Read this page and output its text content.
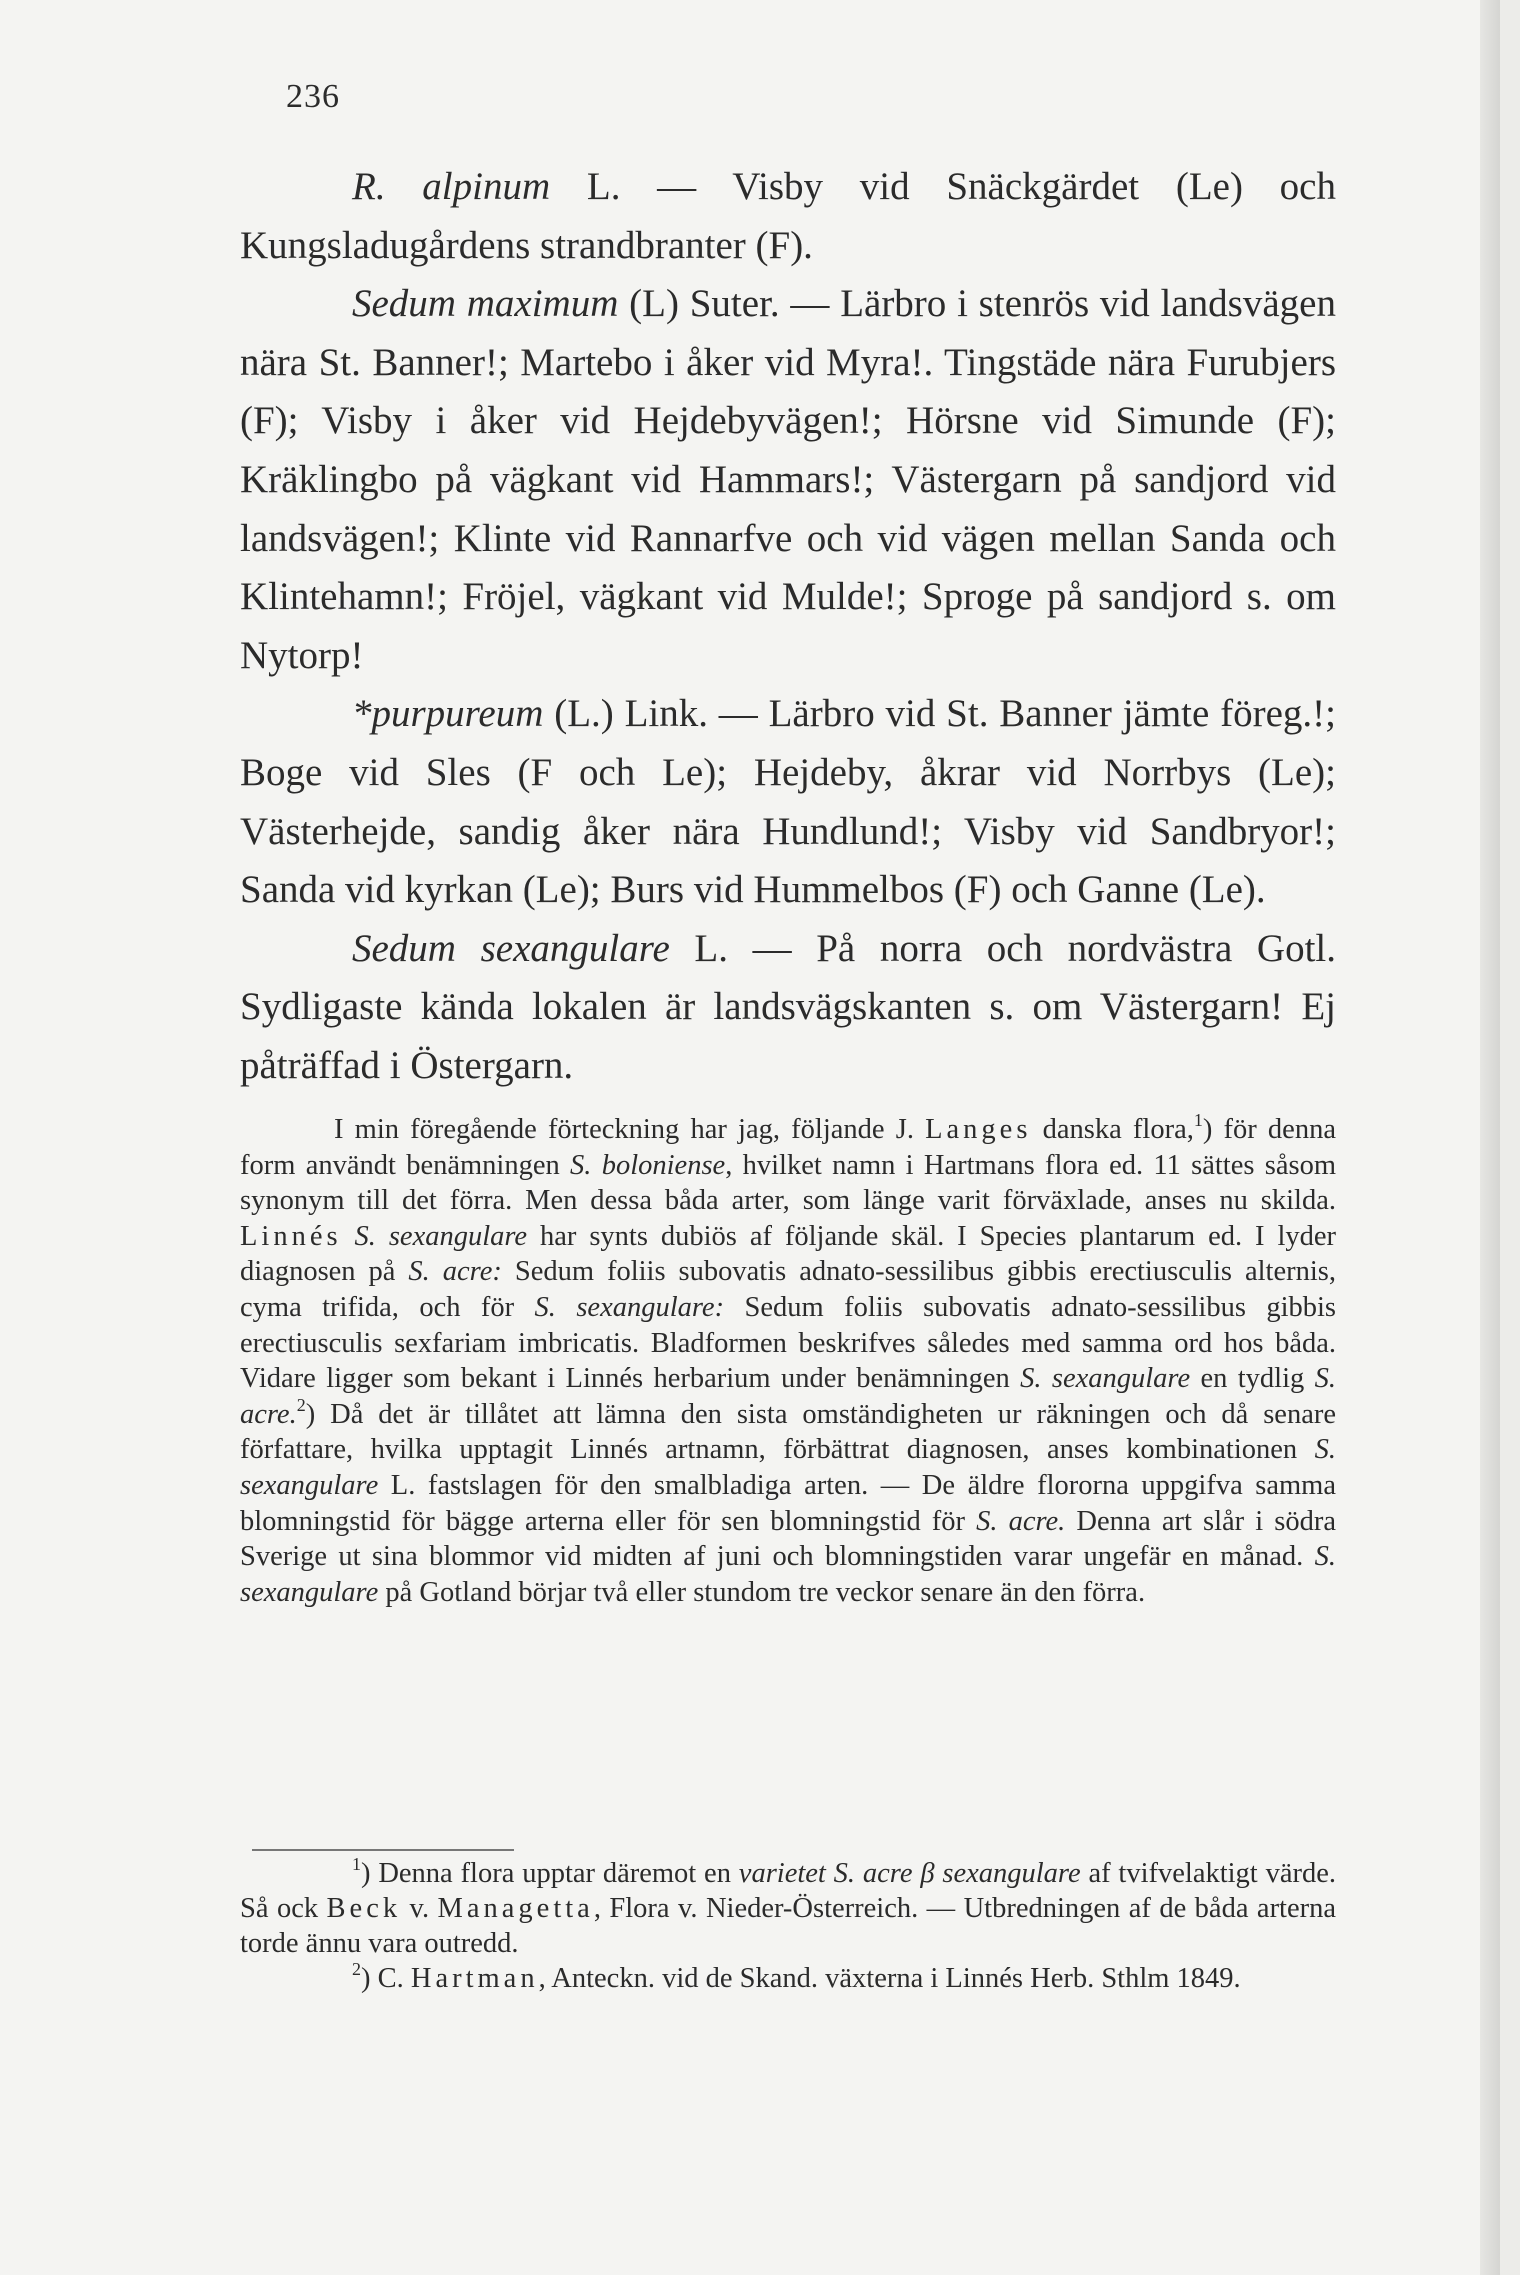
236

R. alpinum L. — Visby vid Snäckgärdet (Le) och Kungsladugårdens strandbranter (F).

Sedum maximum (L) Suter. — Lärbro i stenrös vid landsvägen nära St. Banner!; Martebo i åker vid Myra!. Tingstäde nära Furubjers (F); Visby i åker vid Hejdebyvägen!; Hörsne vid Simunde (F); Kräklingbo på vägkant vid Hammars!; Västergarn på sandjord vid landsvägen!; Klinte vid Rannarfve och vid vägen mellan Sanda och Klintehamn!; Fröjel, vägkant vid Mulde!; Sproge på sandjord s. om Nytorp!

*purpureum (L.) Link. — Lärbro vid St. Banner jämte föreg.!; Boge vid Sles (F och Le); Hejdeby, åkrar vid Norrbys (Le); Västerhejde, sandig åker nära Hundlund!; Visby vid Sandbryor!; Sanda vid kyrkan (Le); Burs vid Hummelbos (F) och Ganne (Le).

Sedum sexangulare L. — På norra och nordvästra Gotl. Sydligaste kända lokalen är landsvägskanten s. om Västergarn! Ej påträffad i Östergarn.

I min föregående förteckning har jag, följande J. Langes danska flora,$^1$) för denna form användt benämningen S. boloniense, hvilket namn i Hartmans flora ed. 11 sättes såsom synonym till det förra. Men dessa båda arter, som länge varit förväxlade, anses nu skilda. Linnés S. sexangulare har synts dubiös af följande skäl. I Species plantarum ed. I lyder diagnosen på S. acre: Sedum foliis subovatis adnato-sessilibus gibbis erectiusculis alternis, cyma trifida, och för S. sexangulare: Sedum foliis subovatis adnato-sessilibus gibbis erectiusculis sexfariam imbricatis. Bladformen beskrifves således med samma ord hos båda. Vidare ligger som bekant i Linnés herbarium under benämningen S. sexangulare en tydlig S. acre.$^2$) Då det är tillåtet att lämna den sista omständigheten ur räkningen och då senare författare, hvilka upptagit Linnés artnamn, förbättrat diagnosen, anses kombinationen S. sexangulare L. fastslagen för den smalbladiga arten. — De äldre florornа uppgifva samma blomningstid för bägge arterna eller för sen blomningstid för S. acre. Denna art slår i södra Sverige ut sina blommor vid midten af juni och blomningstiden varar ungefär en månad. S. sexangulare på Gotland börjar två eller stundom tre veckor senare än den förra.

$^1$) Denna flora upptar däremot en varietet S. acre β sexangulare af tvifvelaktigt värde. Så ock Beck v. Managetta, Flora v. Nieder-Österreich. — Utbredningen af de båda arterna torde ännu vara outredd.

$^2$) C. Hartman, Anteckn. vid de Skand. växterna i Linnés Herb. Sthlm 1849.
